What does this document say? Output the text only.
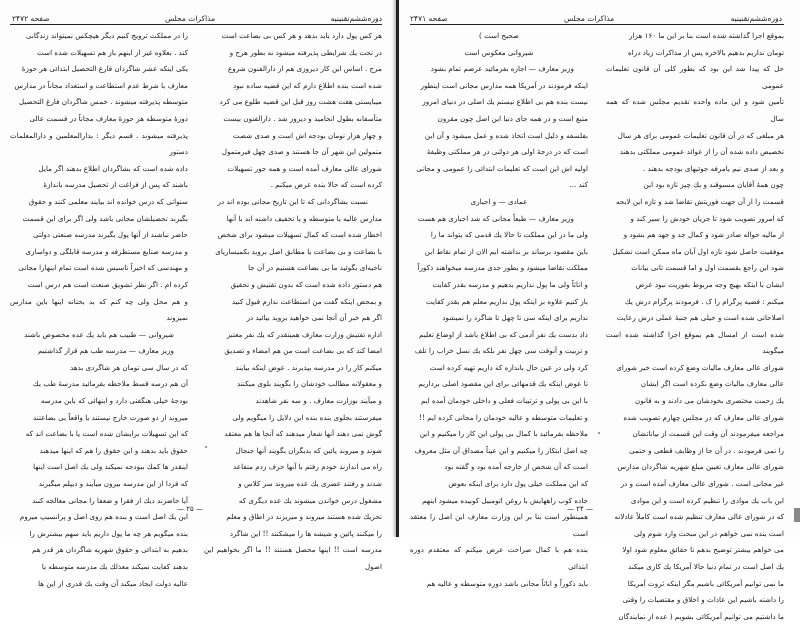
دوره‌ششم‌تقنینیه
مذاکرات مجلس
صفحه ۲۴۷۲

هر کس پول دارد باید بدهد و هر کس بی بضاعت است

در تحت یك شرایطی پذیرفته میشود نه بطور هرج و

مرج . اساس این کار دیروزی هم از دارالفنون شروع

شده است بنده اطلاع دارم که این قضیه ساده نبود

میبایستی هفت هشت روز قبل این قضیه طلوع می کرد

متأسفانه بطول انجامید و دیروز شد . دارالفنون بیست

و چهار هزار تومان بودجه اش است و صدی شصت

متمولین این شهر آن جا هستند و صدی چهل فیرمتمول

شورای عالی معارف آمده است و همه جور تسهیلات

کرده است که حالا بنده عرض میکنم .

نسبت بشاگردانی که تا این تاریخ مجانی بوده اند در

مدارس عالیه یا متوسطه و یا تخفیف داشته اند با آنها

اخطار شده است که کمال تسهیلات میشود برای شخص

با بضاعت و بی بضاعت یا مطابق اصل بروید بکمیساریای

ناحیه‌ای بگوئید ما بی بضاعت هستیم در آن جا

هم دستور داده شده است که بدون تفتیش و تحقیق

و بمحض اینکه گفت من استطاعت ندارم قبول کنید

اگر هم خبر آن آنجا نمی خواهید بروید بیائید در

اداره تفتیش وزارت معارف همینقدر که یك نفر معتبر

امضا کند که بی بضاعت است من هم امضاء و تصدیق

میکنم کار را در مدرسه بپذیرند . عوض اینکه بیایند

و معقولانه مطالب خودشان را بگویند بلوی میکنند

و میآیند بوزارت معارف . و سه نفر شاهدند

میفرستند بجلوی بنده بنده این دلایل را میگویم ولی

گوش نمی دهند آنها شعار میدهند که آنجا ها هم معتقد

شوند و میروند پائین که بدیگران بگویند آنها جنجال

راه می اندازند خودم رفتم با آنها حرف زدم متفاعد

شدند و رفتند عصری یك عده میروند سر کلاس و

مشغول درس خواندن میشوند یك عده دیگری که

تحریك شده هستند میروند و میریزند در اطاق و معلم

را میکنند پائین و شیشه ها را میشکنند !! این شاگرد

مدرسه است !! اینها محصل هستند !! ما اگر بخواهیم این اصول

را در مملکت ترویج کنیم دیگر هیچکس نمیتواند زندگانی

کند . بعلاوه غیر از اینهم باز هم تسهیلات شده است

یکی اینکه عشر شاگردان فارغ التحصیل ابتدائی هر حوزهٔ

معارف با شرط عدم استطاعت و استعداد مجاناً در مدارس

متوسطه پذیرفته میشوند . خمس شاگردان فارغ التحصیل

دورهٔ متوسطه هر حوزهٔ معارف مجاناً در قسمت عالی

پذیرفته میشوند . قسم دیگر : بدارالمعلمین و دارالمعلمات دستور

داده شده است که بشاگردان اطلاع بدهند اگر مایل

باشند که پس از فراغت از تحصیل مدرسه باندازهٔ

سنواتی که درس خوانده اند بیایند معلمی کنند و حقوق

بگیرند تحصیلشان مجانی باشد ولی اگر برای این قسمت

حاضر نباشند از آنها پول بگیرند مدرسه صنعتی دولتی

و مدرسه صنایع مستظرفه و مدرسه قابلگی و دواسازی

و مهندسی که اخیراً تاسیس شده است تمام اینهارا مجانی

کرده ام . اگر نظر تشویق صنعت است هم درس است

و هم محل ولی چه کنم که بد بختانه اینها باین مدارس نمیروند

شیروانی — طبیب هم باید یك عده مخصوص باشند

وزیر معارف — مدرسه طب هم قرار گذاشتیم

که در سال سی تومان هر شاگردی بدهد

آن هم درسه قسط ملاحظه بفرمائید مدرسهٔ طب یك

بودجهٔ خیلی هنگفتی دارد و اینهائی که باین مدرسه

میروند از دو صورت خارج نیستند یا واقعاً بی بضاعتند

که این تسهیلات برایشان شده است یا با بضاعت اند که

حقوق باید بدهند و این حقوق را هم که اینها میدهند

اینقدر ها کمك ببودجه نمیکند ولی یك اصل است اینها

که فردا از این مدرسه بیرون میآیند و دیپلم میگیرند

آیا حاضرند دیك از فقرا و ضعفا را مجانی معالجه کنند

این یك اصل است و بنده هم روی اصل و پرانسیپ میروم

بنده میگویم هر چه ما پول داریم باید سهم بیشترش را

بدهیم به ابتدائی و حقوق شهریه شاگردان هر قدر هم

بدهند کفایت نمیکند معذلك یك مدرسه متوسطه یا

عالیه دولت ایجاد میکند آن وقت یك قدری از این ها

— ۲۵ —
دوره‌ششم‌تقنینیه
مذاکرات مجلس
صفحه ۲۴۷۱

بموقع اجرا گذاشته شده است بنا بر این ما ۱۶۰ هزار

تومان نداریم بدهیم بالاخره پس از مذاکرات زیاد دراه

حل که پیدا شد این بود که بطور کلی آن قانون تعلیمات عمومی

تأمین شود و این ماده واحده تقدیم مجلس شده که همه سال

هر مبلغی که در آن قانون تعلیمات عمومی برای هر سال

تخصیص داده شده آن را از عوائد عمومی مملکتی بدهند

و بعد از صدی نیم یامرفه جوئیهای بودجه بدهند .

چون همهٔ آقایان مسبوقند و یك چیز تازه بود این

قسمت را از آن جهت فوریتش تقاضا شد و تازه این لایحه

که امروز تصویب شود تا جریان خودش را سیر کند و

از مالیه حواله صادر شود و کمال جد و جهد هم بشود و

موفقیت حاصل شود تازه اول آبان ماه ممکن است تشکیل

شود این راجع بقسمت اول و اما قسمت ثانی بیانات

ایشان با اینکه بهیچ وجه مربوط بفوریت نبود عرض

میکنم : قضیه پرگرام را ک . فرمودند پرگرام درش یك

اصلاحاتی شده است و خیلی هم جنبهٔ عملی درش رعایت

شده است از امسال هم بموقع اجرا گذاشته شده است میگویند

شورای عالی معارف مالیات وضع کرده است خیر شورای

عالی معارف مالیات وضع نکرده است اگر ایشان

یك زحمت مختصری بخودشان می دادند و به قانون

شورای عالی معارف که در مجلس چهارم تصویب شده

مراجعه میفرمودند آن وقت این قسمت از بیاناتشان

را نمی فرمودند . در آن جا از وظایف قطعی و حتمی

شورای عالی معارف تعیین مبلغ شهریه شاگردان مدارس

غیر مجانی است . شورای عالی معارف آمده است و در

این باب یك موادی را تنظیم کرده است و این موادی

که در شورای عالی معارف تنظیم شده است کاملاً عادلانه

است بنده نمی خواهم در این مبحث وارد شوم ولی

می خواهم بیشتر توضیح بدهم تا حقائق معلوم شود اولا

یك اصل است در تمام دنیا حالا آمریکا یك کاری میکند

ما نمی توانیم آمریکائی باشیم مگر اینکه ثروت آمریکا

را داشته باشیم این عادات و اخلاق و مقتضیات را وقتی

ما داشتیم می توانیم آمریکائی بشویم ( عده از نمایندگان

صحیح است )

شیروانی معکوس است

وزیر معارف — اجازه بفرمائید عرضم تمام بشود

اینکه فرمودند در آمریکا همه مدارس مجانی است اینطور

نیست بنده هم بی اطلاع نیستم یك اصلی در دنیای امروز

متبع است و در همه جای دنیا این اصل چون مقرون

بفلسفه و دلیل است اتخاذ شده و عمل میشود و آن این

است که در درجهٔ اولی هر دولتی در هر مملکتی وظیفهٔ

اولیه اش این است که تعلیمات ابتدائی را عمومی و مجانی

کند ...

عمادی — و اجباری

وزیر معارف — طبعاً مجانی که شد اجباری هم هست

ولی ما در این مملکت تا حالا یك قدمی که بتواند ما را

باین مقصود برساند بر نداشته ایم الان از تمام نقاط این

مملکت تقاضا میشود و بطور جدی مدرسه میخواهند ذکوراً

و اناثاً ولی ما پول نداریم بدهیم و مدرسه بقدر کفایت

باز کنیم علاوه بر اینکه پول نداریم معلم هم بقدر کفایت

نداریم برای اینکه سی تا چهل تا شاگرد را نمیشود

داد بدست یك نفر آدمی که بی اطلاع باشد از اوضاع تعلیم

و تربیت و آنوقت سی چهل نفر بلکه یك نسل خراب را تلف

کرد ولی در عین حال باندازه که داریم تهیه کرده است

تا عوض اینکه یك قدمهائی برای این مقصود اصلی برداریم

با این بی پولی و ترتیبات فعلی و داخلی خودمان آمده ایم

و تعلیمات متوسطه و عالیه خودمان را مجانی کرده ایم !!

ملاحظه بفرمائید با کمال بی پولی این کار را میکنیم و این

چه اصل ابتکار را میکنیم و این عیناً مصداق آن مثل معروف

است که آن شخص از خارجه آمده بود و گفته بود

که این مملکت خیلی پول دارد برای اینکه بعوض

جاده کوب راههایش با روغن اتومبیل کوبیده میشود اینهم

همینطور است بنا بر این وزارت معارف این اصل را معتقد است

بنده هم با کمال صراحت عرض میکنم که معتقدم دوره ابتدائی

باید ذکوراً و اناثاً مجانی باشد دوره متوسطه و عالیه هم

— ۲۴ —
